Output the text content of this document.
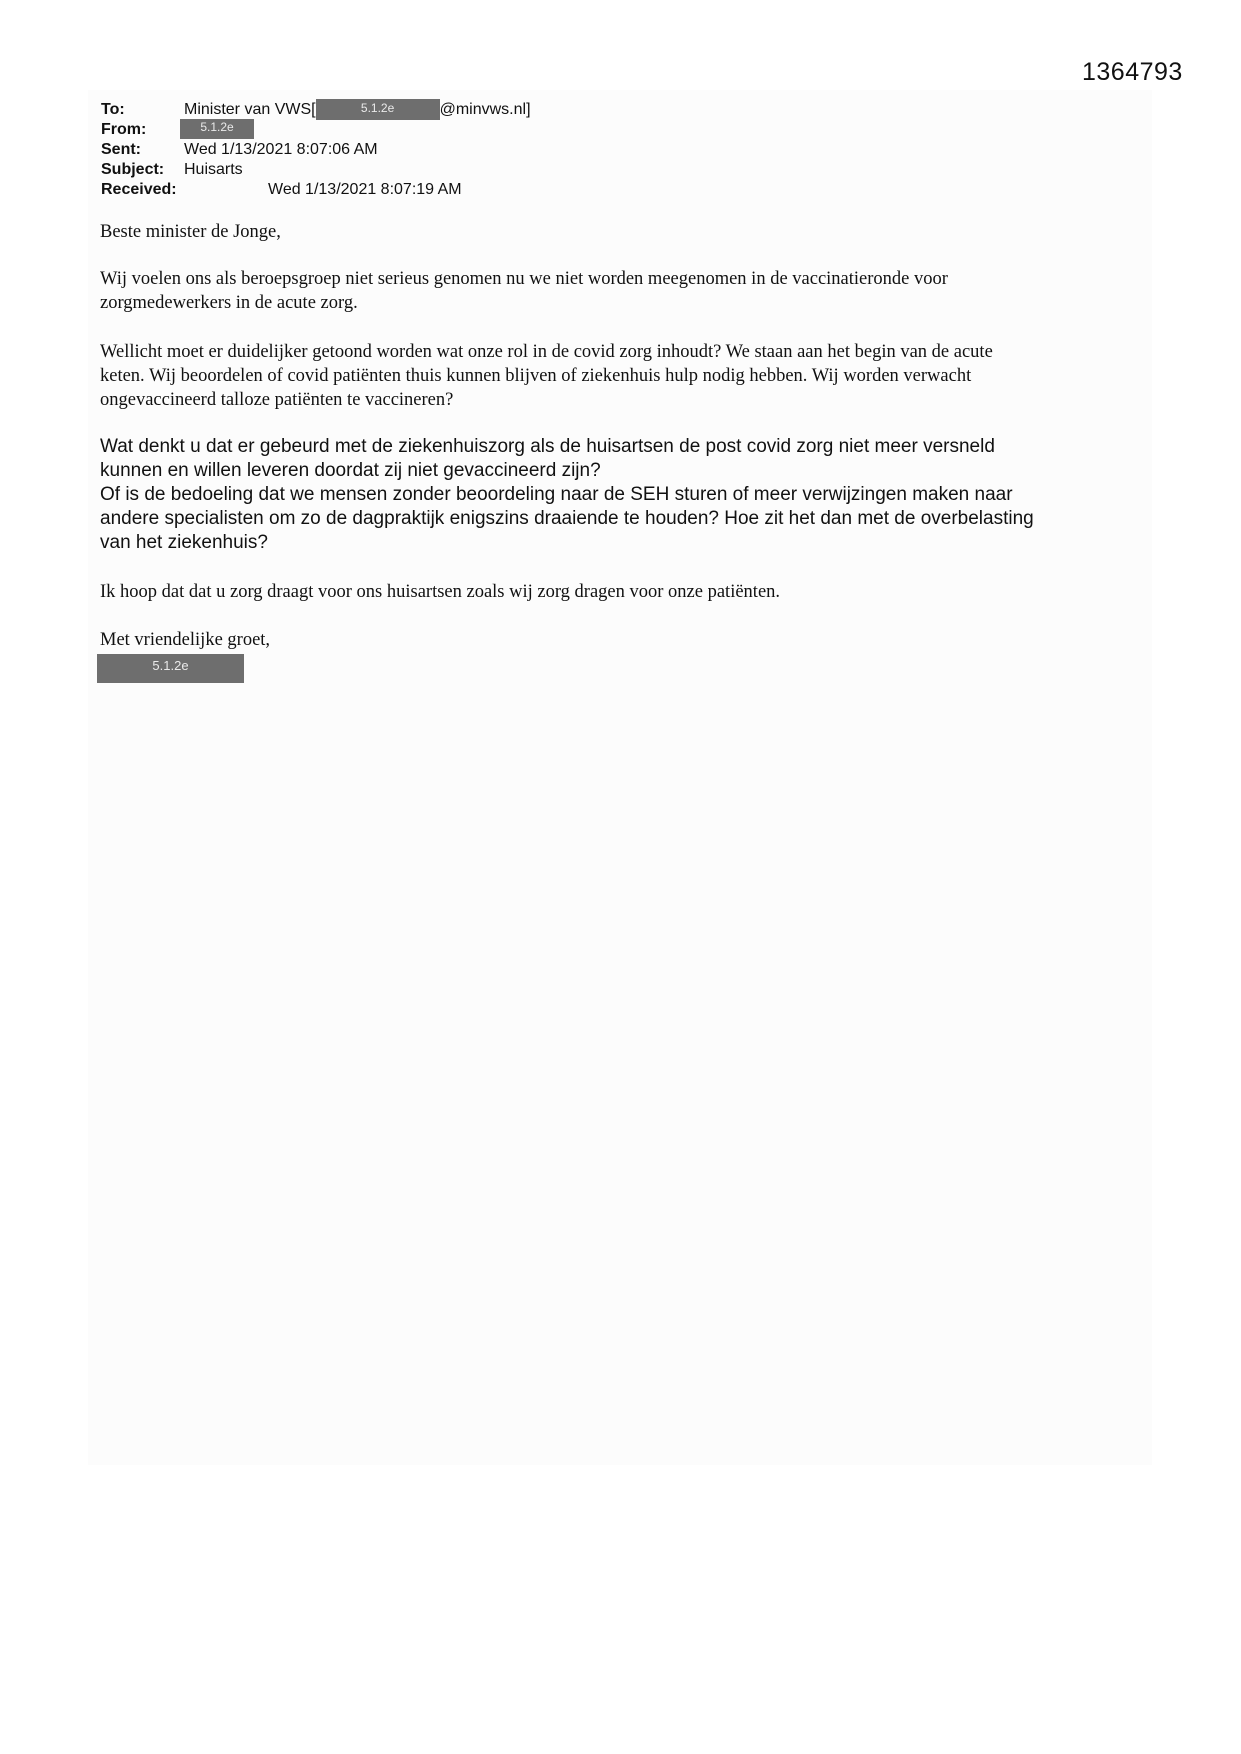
1364793
To:	Minister van VWS[	5.1.2e	@minvws.nl]
From:	5.1.2e
Sent:	Wed 1/13/2021 8:07:06 AM
Subject: Huisarts
Received:	Wed 1/13/2021 8:07:19 AM
Beste minister de Jonge,
Wij voelen ons als beroepsgroep niet serieus genomen nu we niet worden meegenomen in de vaccinatieronde voor
zorgmedewerkers in de acute zorg.
Wellicht moet er duidelijker getoond worden wat onze rol in de covid zorg inhoudt? We staan aan het begin van de acute
keten. Wij beoordelen of covid patiënten thuis kunnen blijven of ziekenhuis hulp nodig hebben. Wij worden verwacht
ongevaccineerd talloze patiënten te vaccineren?
Wat denkt u dat er gebeurd met de ziekenhuiszorg als de huisartsen de post covid zorg niet meer versneld
kunnen en willen leveren doordat zij niet gevaccineerd zijn?
Of is de bedoeling dat we mensen zonder beoordeling naar de SEH sturen of meer verwijzingen maken naar
andere specialisten om zo de dagpraktijk enigszins draaiende te houden? Hoe zit het dan met de overbelasting
van het ziekenhuis?
Ik hoop dat dat u zorg draagt voor ons huisartsen zoals wij zorg dragen voor onze patiënten.
Met vriendelijke groet,
5.1.2e
